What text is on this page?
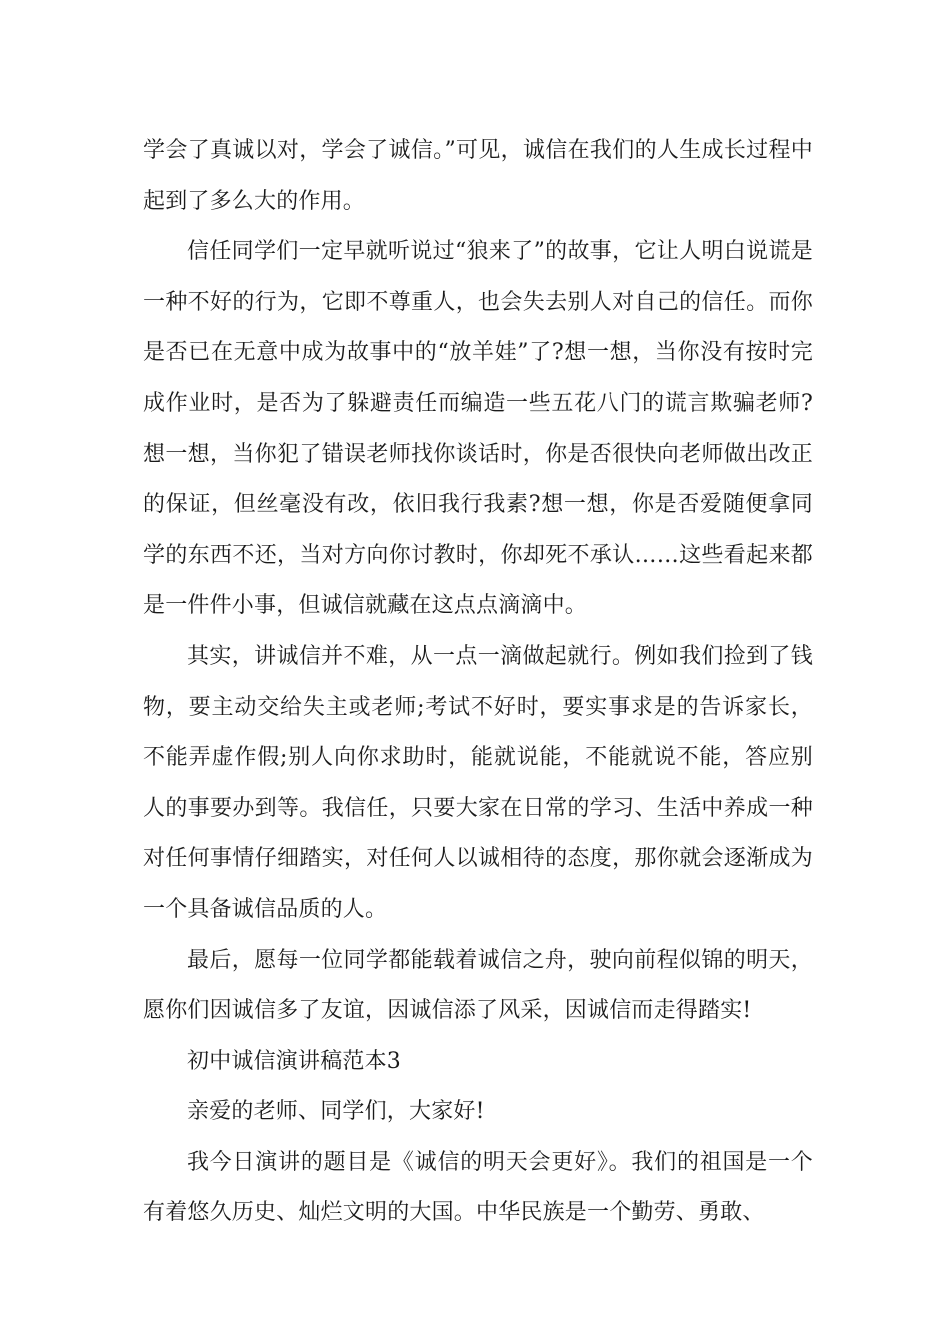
学会了真诚以对，学会了诚信。”可见，诚信在我们的人生成长过程中起到了多么大的作用。

信任同学们一定早就听说过“狼来了”的故事，它让人明白说谎是一种不好的行为，它即不尊重人，也会失去别人对自己的信任。而你是否已在无意中成为故事中的“放羊娃”了?想一想，当你没有按时完成作业时，是否为了躲避责任而编造一些五花八门的谎言欺骗老师?想一想，当你犯了错误老师找你谈话时，你是否很快向老师做出改正的保证，但丝毫没有改，依旧我行我素?想一想，你是否爱随便拿同学的东西不还，当对方向你讨教时，你却死不承认……这些看起来都是一件件小事，但诚信就藏在这点点滴滴中。

其实，讲诚信并不难，从一点一滴做起就行。例如我们捡到了钱物，要主动交给失主或老师;考试不好时，要实事求是的告诉家长，不能弄虚作假;别人向你求助时，能就说能，不能就说不能，答应别人的事要办到等。我信任，只要大家在日常的学习、生活中养成一种对任何事情仔细踏实，对任何人以诚相待的态度，那你就会逐渐成为一个具备诚信品质的人。

最后，愿每一位同学都能载着诚信之舟，驶向前程似锦的明天，愿你们因诚信多了友谊，因诚信添了风采，因诚信而走得踏实!

初中诚信演讲稿范本3

亲爱的老师、同学们，大家好!

我今日演讲的题目是《诚信的明天会更好》。我们的祖国是一个有着悠久历史、灿烂文明的大国。中华民族是一个勤劳、勇敢、
